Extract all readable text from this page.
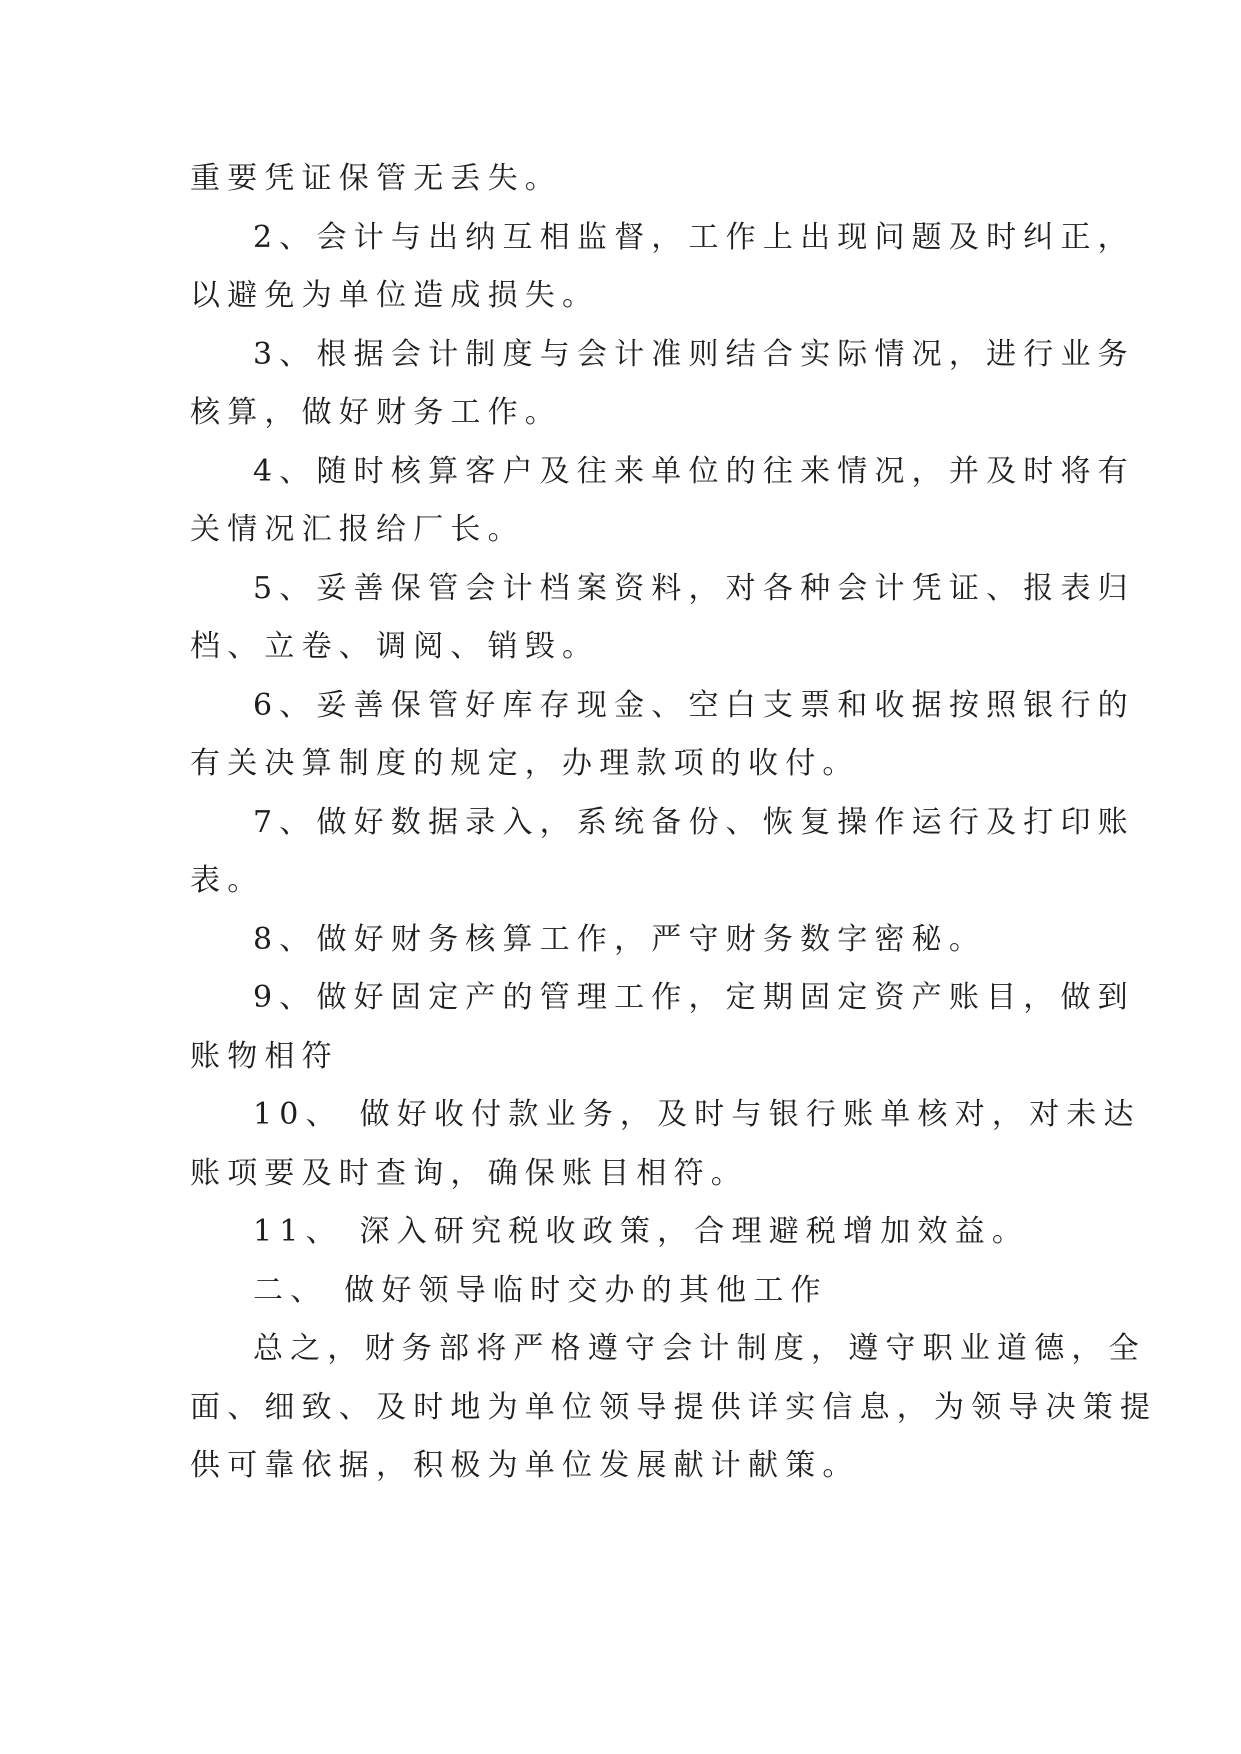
重要凭证保管无丢失。
2、会计与出纳互相监督，工作上出现问题及时纠正，
以避免为单位造成损失。
3、根据会计制度与会计准则结合实际情况，进行业务
核算，做好财务工作。
4、随时核算客户及往来单位的往来情况，并及时将有
关情况汇报给厂长。
5、妥善保管会计档案资料，对各种会计凭证、报表归
档、立卷、调阅、销毁。
6、妥善保管好库存现金、空白支票和收据按照银行的
有关决算制度的规定，办理款项的收付。
7、做好数据录入，系统备份、恢复操作运行及打印账
表。
8、做好财务核算工作，严守财务数字密秘。
9、做好固定产的管理工作，定期固定资产账目，做到
账物相符
10、 做好收付款业务，及时与银行账单核对，对未达
账项要及时查询，确保账目相符。
11、 深入研究税收政策，合理避税增加效益。
二、 做好领导临时交办的其他工作
总之，财务部将严格遵守会计制度，遵守职业道德，全
面、细致、及时地为单位领导提供详实信息，为领导决策提
供可靠依据，积极为单位发展献计献策。
